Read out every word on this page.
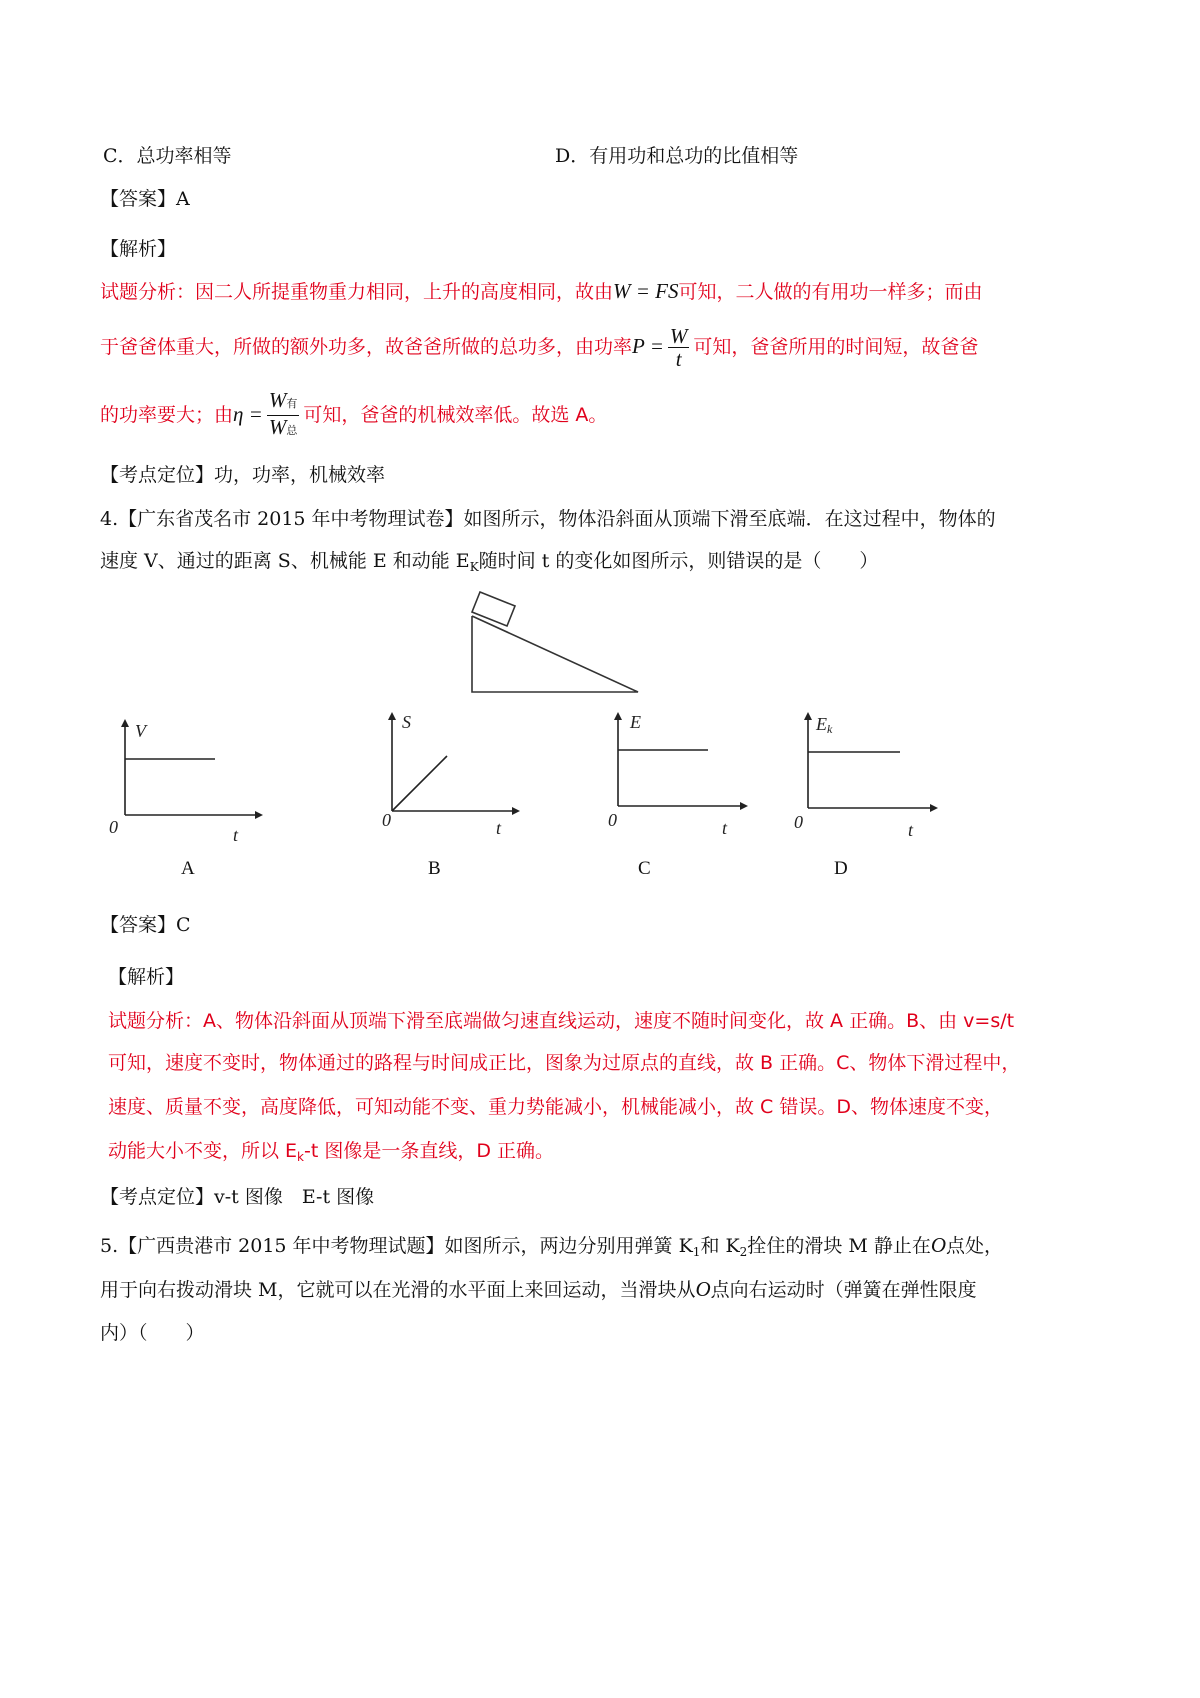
C．总功率相等	D．有用功和总功的比值相等
【答案】A
【解析】
试题分析：因二人所提重物重力相同，上升的高度相同，故由W = FS可知，二人做的有用功一样多；而由
于爸爸体重大，所做的额外功多，故爸爸所做的总功多，由功率$P = \frac{W}{t}$ 可知，爸爸所用的时间短，故爸爸
的功率要大；由$\eta = \frac{\text{W有}}{\text{W总}}$ 可知，爸爸的机械效率低。故选 A。
【考点定位】功，功率，机械效率
4.【广东省茂名市 2015 年中考物理试卷】如图所示，物体沿斜面从顶端下滑至底端．在这过程中，物体的
速度 V、通过的距离 S、机械能 E 和动能 $E_K$随时间 t 的变化如图所示，则错误的是（　　）
V
0	t
A
S
0	t
B
E
0	t
C
Ek
0	t
D
【答案】C
【解析】
试题分析：A、物体沿斜面从顶端下滑至底端做匀速直线运动，速度不随时间变化，故 A 正确。B、由 v=s/t
可知，速度不变时，物体通过的路程与时间成正比，图象为过原点的直线，故 B 正确。C、物体下滑过程中，
速度、质量不变，高度降低，可知动能不变、重力势能减小，机械能减小，故 C 错误。D、物体速度不变，
动能大小不变，所以 $E_k-t$ 图像是一条直线，D 正确。
【考点定位】v-t 图像　E-t 图像
5.【广西贵港市 2015 年中考物理试题】如图所示，两边分别用弹簧 $K_1$和 $K_2$拴住的滑块 M 静止在O点处，
用于向右拨动滑块 M，它就可以在光滑的水平面上来回运动，当滑块从O点向右运动时（弹簧在弹性限度
内）（　　）
